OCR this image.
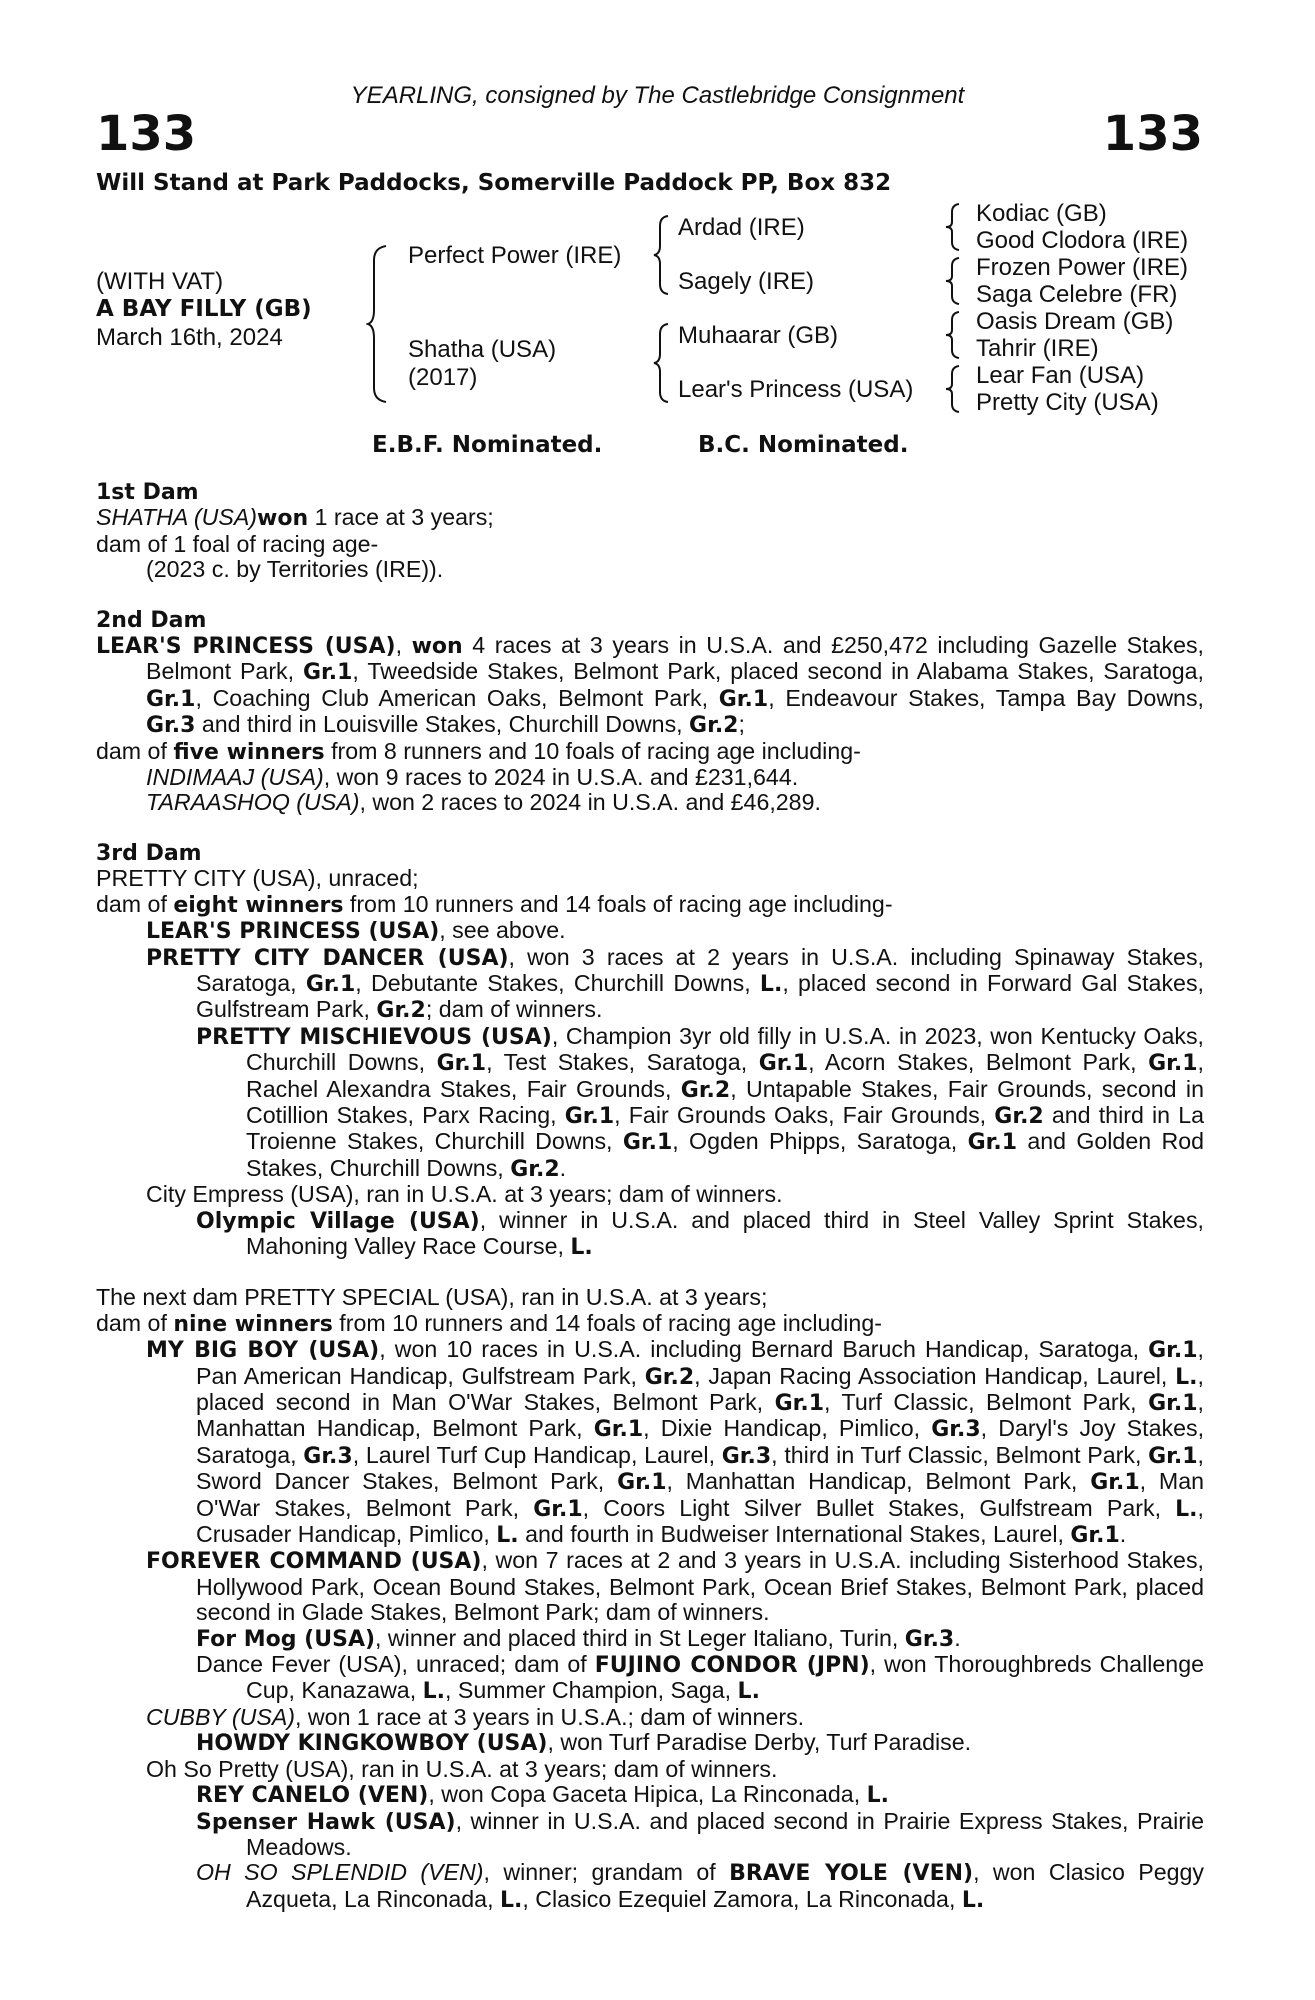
YEARLING, consigned by The Castlebridge Consignment
133	133
Will Stand at Park Paddocks, Somerville Paddock PP, Box 832
(WITH VAT)
A BAY FILLY (GB)
March 16th, 2024
Perfect Power (IRE)
Shatha (USA)
(2017)
Ardad (IRE)
Sagely (IRE)
Muhaarar (GB)
Lear's Princess (USA)
Kodiac (GB)
Good Clodora (IRE)
Frozen Power (IRE)
Saga Celebre (FR)
Oasis Dream (GB)
Tahrir (IRE)
Lear Fan (USA)
Pretty City (USA)
E.B.F. Nominated.	B.C. Nominated.

1st Dam

SHATHA (USA)won 1 race at 3 years;

dam of 1 foal of racing age-

(2023 c. by Territories (IRE)).

2nd Dam

LEAR'S PRINCESS (USA), won 4 races at 3 years in U.S.A. and £250,472 including Gazelle Stakes, Belmont Park, Gr.1, Tweedside Stakes, Belmont Park, placed second in Alabama Stakes, Saratoga, Gr.1, Coaching Club American Oaks, Belmont Park, Gr.1, Endeavour Stakes, Tampa Bay Downs, Gr.3 and third in Louisville Stakes, Churchill Downs, Gr.2;

dam of five winners from 8 runners and 10 foals of racing age including-

INDIMAAJ (USA), won 9 races to 2024 in U.S.A. and £231,644.

TARAASHOQ (USA), won 2 races to 2024 in U.S.A. and £46,289.

3rd Dam

PRETTY CITY (USA), unraced;

dam of eight winners from 10 runners and 14 foals of racing age including-

LEAR'S PRINCESS (USA), see above.

PRETTY CITY DANCER (USA), won 3 races at 2 years in U.S.A. including Spinaway Stakes, Saratoga, Gr.1, Debutante Stakes, Churchill Downs, L., placed second in Forward Gal Stakes, Gulfstream Park, Gr.2; dam of winners.

PRETTY MISCHIEVOUS (USA), Champion 3yr old filly in U.S.A. in 2023, won Kentucky Oaks, Churchill Downs, Gr.1, Test Stakes, Saratoga, Gr.1, Acorn Stakes, Belmont Park, Gr.1, Rachel Alexandra Stakes, Fair Grounds, Gr.2, Untapable Stakes, Fair Grounds, second in Cotillion Stakes, Parx Racing, Gr.1, Fair Grounds Oaks, Fair Grounds, Gr.2 and third in La Troienne Stakes, Churchill Downs, Gr.1, Ogden Phipps, Saratoga, Gr.1 and Golden Rod Stakes, Churchill Downs, Gr.2.

City Empress (USA), ran in U.S.A. at 3 years; dam of winners.

Olympic Village (USA), winner in U.S.A. and placed third in Steel Valley Sprint Stakes, Mahoning Valley Race Course, L.

The next dam PRETTY SPECIAL (USA), ran in U.S.A. at 3 years;

dam of nine winners from 10 runners and 14 foals of racing age including-

MY BIG BOY (USA), won 10 races in U.S.A. including Bernard Baruch Handicap, Saratoga, Gr.1, Pan American Handicap, Gulfstream Park, Gr.2, Japan Racing Association Handicap, Laurel, L., placed second in Man O'War Stakes, Belmont Park, Gr.1, Turf Classic, Belmont Park, Gr.1, Manhattan Handicap, Belmont Park, Gr.1, Dixie Handicap, Pimlico, Gr.3, Daryl's Joy Stakes, Saratoga, Gr.3, Laurel Turf Cup Handicap, Laurel, Gr.3, third in Turf Classic, Belmont Park, Gr.1, Sword Dancer Stakes, Belmont Park, Gr.1, Manhattan Handicap, Belmont Park, Gr.1, Man O'War Stakes, Belmont Park, Gr.1, Coors Light Silver Bullet Stakes, Gulfstream Park, L., Crusader Handicap, Pimlico, L. and fourth in Budweiser International Stakes, Laurel, Gr.1.

FOREVER COMMAND (USA), won 7 races at 2 and 3 years in U.S.A. including Sisterhood Stakes, Hollywood Park, Ocean Bound Stakes, Belmont Park, Ocean Brief Stakes, Belmont Park, placed second in Glade Stakes, Belmont Park; dam of winners.

For Mog (USA), winner and placed third in St Leger Italiano, Turin, Gr.3.

Dance Fever (USA), unraced; dam of FUJINO CONDOR (JPN), won Thoroughbreds Challenge Cup, Kanazawa, L., Summer Champion, Saga, L.

CUBBY (USA), won 1 race at 3 years in U.S.A.; dam of winners.

HOWDY KINGKOWBOY (USA), won Turf Paradise Derby, Turf Paradise.

Oh So Pretty (USA), ran in U.S.A. at 3 years; dam of winners.

REY CANELO (VEN), won Copa Gaceta Hipica, La Rinconada, L.

Spenser Hawk (USA), winner in U.S.A. and placed second in Prairie Express Stakes, Prairie Meadows.

OH SO SPLENDID (VEN), winner; grandam of BRAVE YOLE (VEN), won Clasico Peggy Azqueta, La Rinconada, L., Clasico Ezequiel Zamora, La Rinconada, L.
